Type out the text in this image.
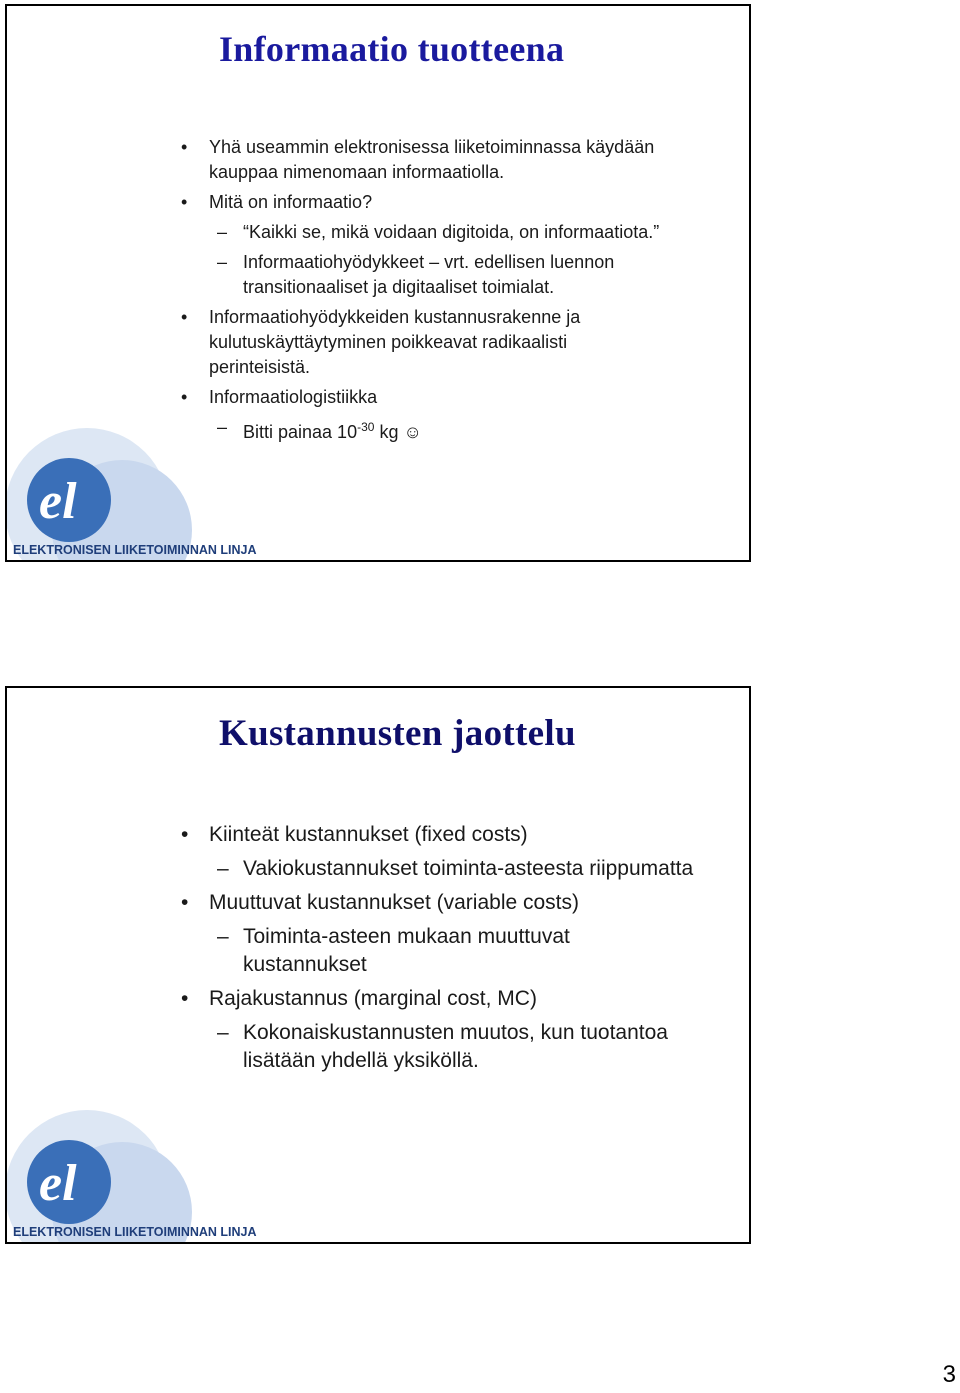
el
ELEKTRONISEN LIIKETOIMINNAN LINJA
Informaatio tuotteena
• Yhä useammin elektronisessa liiketoiminnassa käydään
kauppaa nimenomaan informaatiolla.
• Mitä on informaatio?
– “Kaikki se, mikä voidaan digitoida, on informaatiota.”
– Informaatiohyödykkeet – vrt. edellisen luennon
transitionaaliset ja digitaaliset toimialat.
• Informaatiohyödykkeiden kustannusrakenne ja
kulutuskäyttäytyminen poikkeavat radikaalisti
perinteisistä.
• Informaatiologistiikka
– Bitti painaa $10^{-30}$ kg ☺
el
ELEKTRONISEN LIIKETOIMINNAN LINJA
Kustannusten jaottelu
• Kiinteät kustannukset (fixed costs)
– Vakiokustannukset toiminta-asteesta riippumatta
• Muuttuvat kustannukset (variable costs)
– Toiminta-asteen mukaan muuttuvat
kustannukset
• Rajakustannus (marginal cost, MC)
– Kokonaiskustannusten muutos, kun tuotantoa
lisätään yhdellä yksiköllä.
3
